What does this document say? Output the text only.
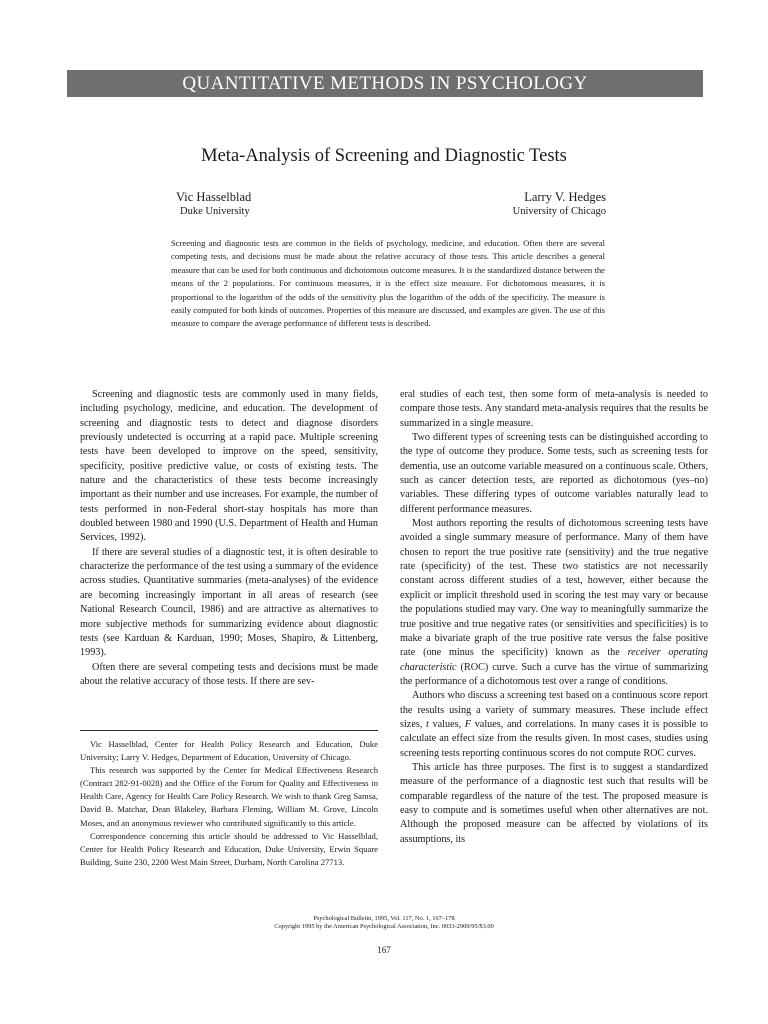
QUANTITATIVE METHODS IN PSYCHOLOGY
Meta-Analysis of Screening and Diagnostic Tests
Vic Hasselblad
Duke University
Larry V. Hedges
University of Chicago

Screening and diagnostic tests are common in the fields of psychology, medicine, and education. Often there are several competing tests, and decisions must be made about the relative accuracy of those tests. This article describes a general measure that can be used for both continuous and dichotomous outcome measures. It is the standardized distance between the means of the 2 populations. For continuous measures, it is the effect size measure. For dichotomous measures, it is proportional to the logarithm of the odds of the sensitivity plus the logarithm of the odds of the specificity. The measure is easily computed for both kinds of outcomes. Properties of this measure are discussed, and examples are given. The use of this measure to compare the average performance of different tests is described.

Screening and diagnostic tests are commonly used in many fields, including psychology, medicine, and education. The development of screening and diagnostic tests to detect and diagnose disorders previously undetected is occurring at a rapid pace. Multiple screening tests have been developed to improve on the speed, sensitivity, specificity, positive predictive value, or costs of existing tests. The nature and the characteristics of these tests become increasingly important as their number and use increases. For example, the number of tests performed in non-Federal short-stay hospitals has more than doubled between 1980 and 1990 (U.S. Department of Health and Human Services, 1992).

If there are several studies of a diagnostic test, it is often desirable to characterize the performance of the test using a summary of the evidence across studies. Quantitative summaries (meta-analyses) of the evidence are becoming increasingly important in all areas of research (see National Research Council, 1986) and are attractive as alternatives to more subjective methods for summarizing evidence about diagnostic tests (see Karduan & Karduan, 1990; Moses, Shapiro, & Littenberg, 1993).

Often there are several competing tests and decisions must be made about the relative accuracy of those tests. If there are sev-

eral studies of each test, then some form of meta-analysis is needed to compare those tests. Any standard meta-analysis requires that the results be summarized in a single measure.

Two different types of screening tests can be distinguished according to the type of outcome they produce. Some tests, such as screening tests for dementia, use an outcome variable measured on a continuous scale. Others, such as cancer detection tests, are reported as dichotomous (yes–no) variables. These differing types of outcome variables naturally lead to different performance measures.

Most authors reporting the results of dichotomous screening tests have avoided a single summary measure of performance. Many of them have chosen to report the true positive rate (sensitivity) and the true negative rate (specificity) of the test. These two statistics are not necessarily constant across different studies of a test, however, either because the explicit or implicit threshold used in scoring the test may vary or because the populations studied may vary. One way to meaningfully summarize the true positive and true negative rates (or sensitivities and specificities) is to make a bivariate graph of the true positive rate versus the false positive rate (one minus the specificity) known as the receiver operating characteristic (ROC) curve. Such a curve has the virtue of summarizing the performance of a dichotomous test over a range of conditions.

Authors who discuss a screening test based on a continuous score report the results using a variety of summary measures. These include effect sizes, t values, F values, and correlations. In many cases it is possible to calculate an effect size from the results given. In most cases, studies using screening tests reporting continuous scores do not compute ROC curves.

This article has three purposes. The first is to suggest a standardized measure of the performance of a diagnostic test such that results will be comparable regardless of the nature of the test. The proposed measure is easy to compute and is sometimes useful when other alternatives are not. Although the proposed measure can be affected by violations of its assumptions, its

Vic Hasselblad, Center for Health Policy Research and Education, Duke University; Larry V. Hedges, Department of Education, University of Chicago.

This research was supported by the Center for Medical Effectiveness Research (Contract 282-91-0028) and the Office of the Forum for Quality and Effectiveness in Health Care, Agency for Health Care Policy Research. We wish to thank Greg Samsa, David B. Matchar, Dean Blakeley, Barbara Fleming, William M. Grove, Lincoln Moses, and an anonymous reviewer who contributed significantly to this article.

Correspondence concerning this article should be addressed to Vic Hasselblad, Center for Health Policy Research and Education, Duke University, Erwin Square Building, Suite 230, 2200 West Main Street, Durham, North Carolina 27713.

Psychological Bulletin, 1995, Vol. 117, No. 1, 167–178
Copyright 1995 by the American Psychological Association, Inc. 0033-2909/95/$3.00
167
